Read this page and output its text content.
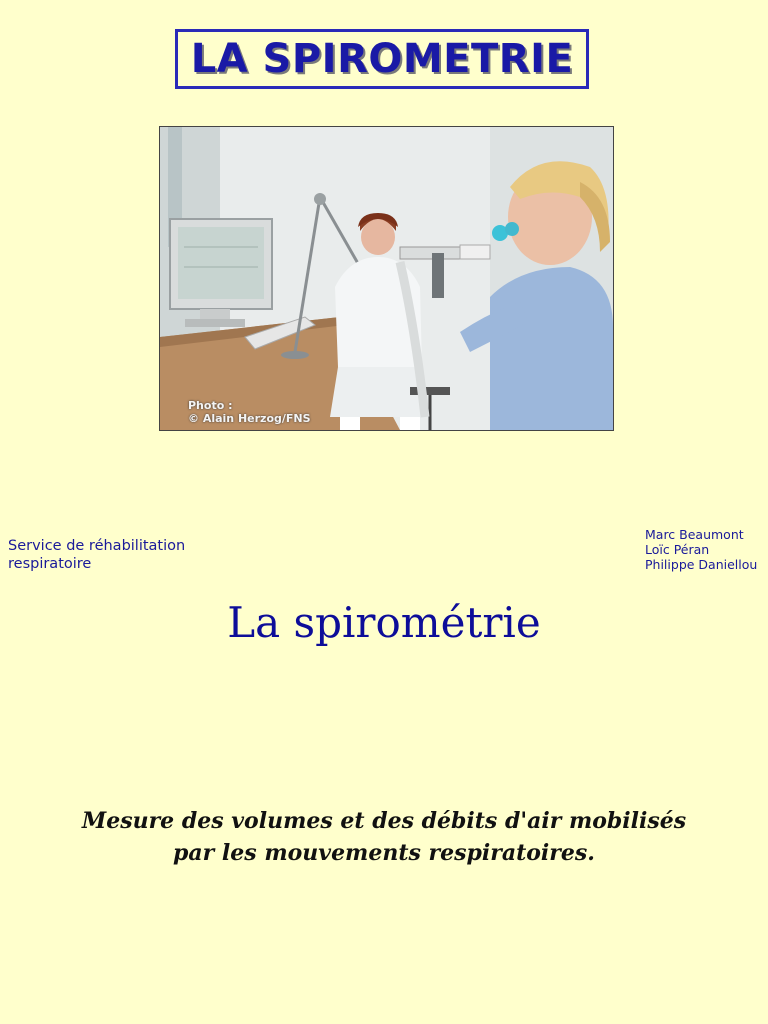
LA SPIROMETRIE
Photo :
© Alain Herzog/FNS
Service de réhabilitation
respiratoire
Marc Beaumont
Loïc Péran
Philippe Daniellou
La spirométrie
Mesure des volumes et des débits d'air mobilisés par les mouvements respiratoires.
